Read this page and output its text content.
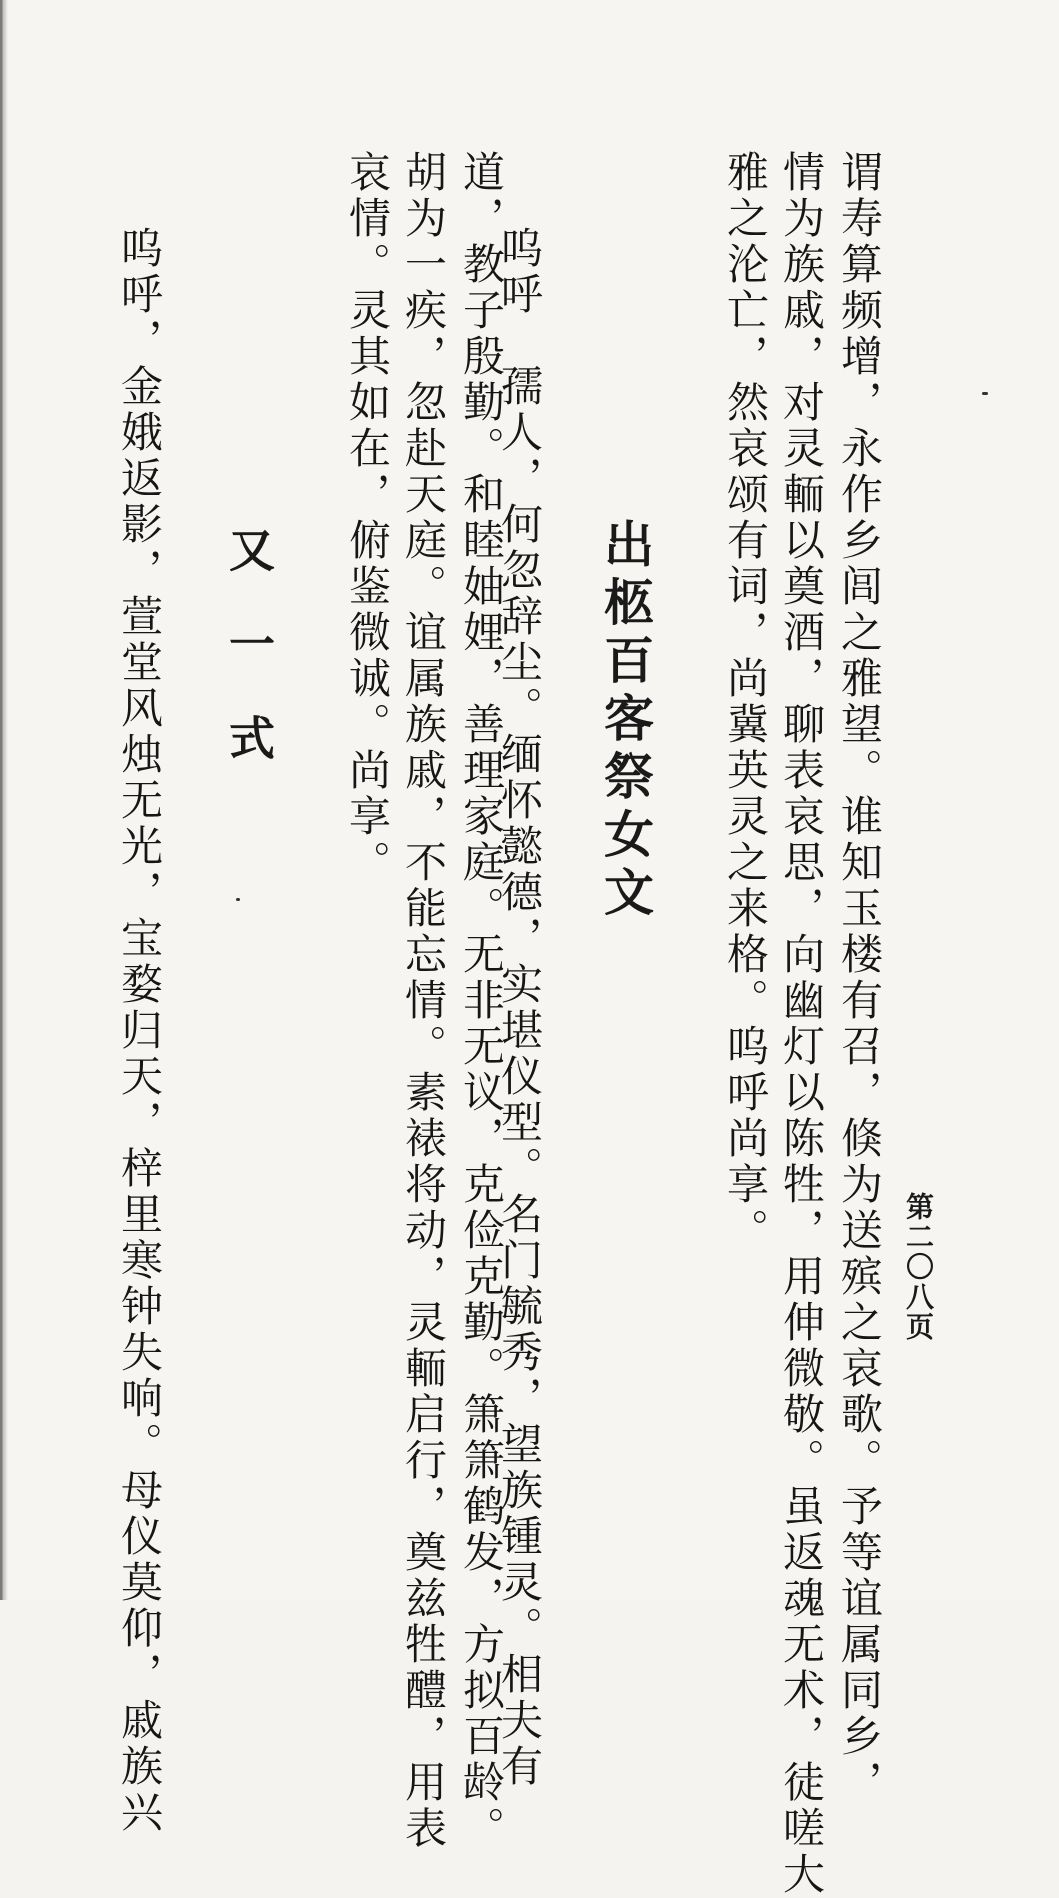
第二〇八页
谓寿算频增，永作乡闾之雅望。谁知玉楼有召，倏为送殡之哀歌。予等谊属同乡，
情为族戚，对灵輀以奠酒，聊表哀思，向幽灯以陈牲，用伸微敬。虽返魂无术，徒嗟大
雅之沦亡，然哀颂有词，尚冀英灵之来格。呜呼尚享。
出柩百客祭女文
呜呼　孺人，何忽辞尘。缅怀懿德，实堪仪型。名门毓秀，望族锺灵。相夫有
道，教子殷勤。和睦妯娌，善理家庭。无非无议，克俭克勤。箫箫鹤发，方拟百龄。
胡为一疾，忽赴天庭。谊属族戚，不能忘情。素裱将动，灵輀启行，奠兹牲醴，用表
哀情。灵其如在，俯鉴微诚。尚享。
又一式
呜呼，金娥返影，萱堂风烛无光，宝婺归天，梓里寒钟失响。母仪莫仰，戚族兴
